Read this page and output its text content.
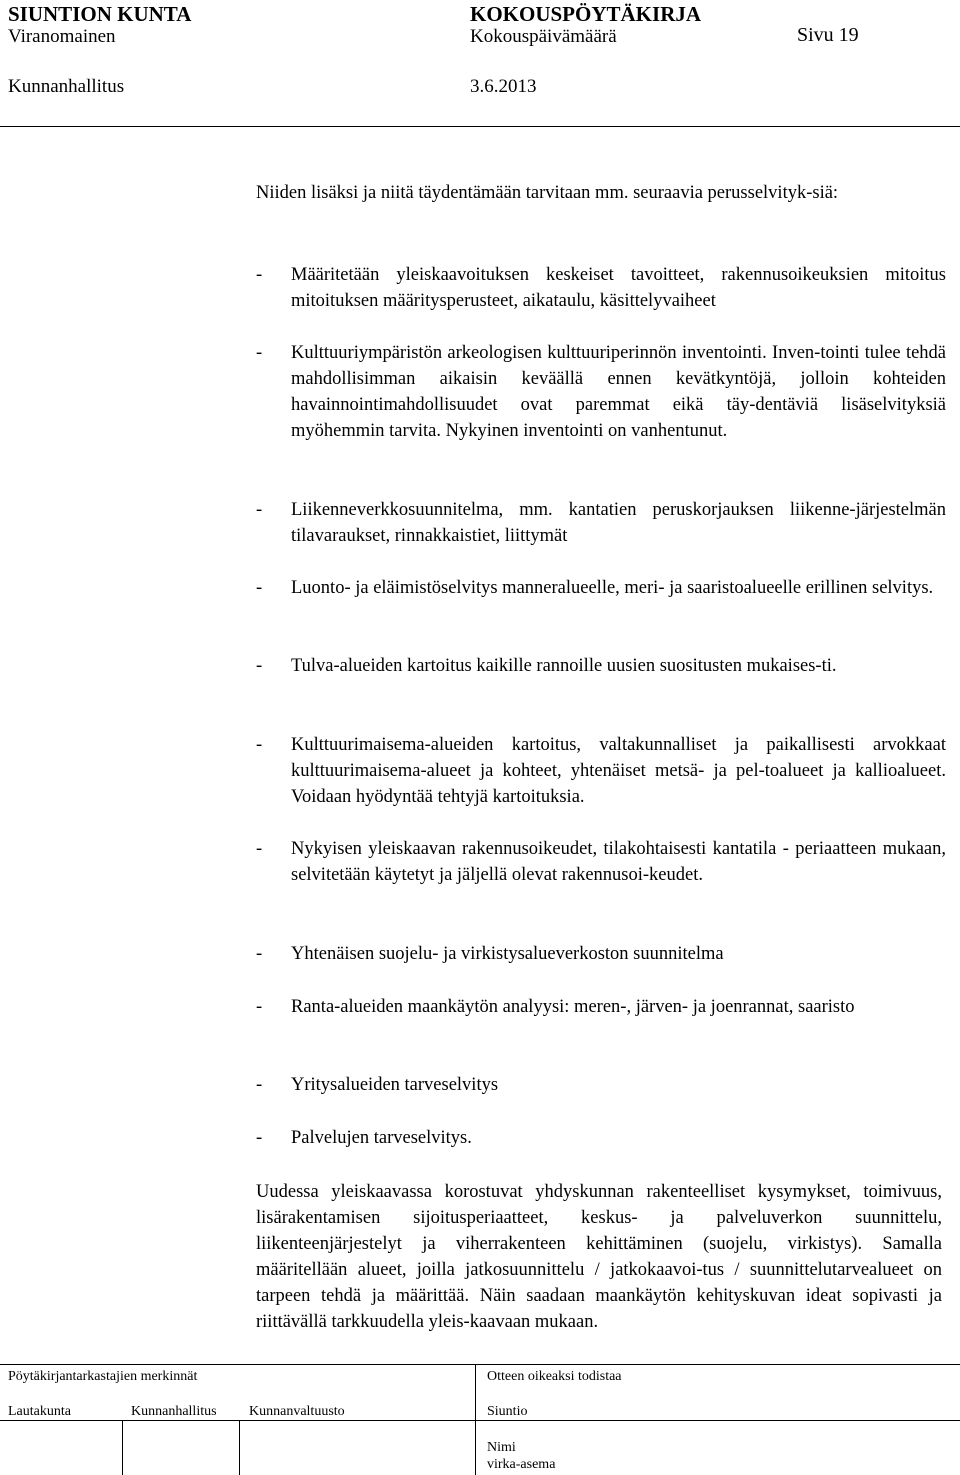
SIUNTION KUNTA	KOKOUSPÖYTÄKIRJA
Viranomainen	Kokouspäivämäärä	Sivu 19
Kunnanhallitus	3.6.2013
Niiden lisäksi ja niitä täydentämään tarvitaan mm. seuraavia perusselvityk-siä:
- Määritetään yleiskaavoituksen keskeiset tavoitteet, rakennusoikeuksien mitoitus mitoituksen määritysperusteet, aikataulu, käsittelyvaiheet
- Kulttuuriympäristön arkeologisen kulttuuriperinnön inventointi. Inven-tointi tulee tehdä mahdollisimman aikaisin keväällä ennen kevätkyntöjä, jolloin kohteiden havainnointimahdollisuudet ovat paremmat eikä täy-dentäviä lisäselvityksiä myöhemmin tarvita. Nykyinen inventointi on vanhentunut.
- Liikenneverkkosuunnitelma, mm. kantatien peruskorjauksen liikenne-järjestelmän tilavaraukset, rinnakkaistiet, liittymät
- Luonto- ja eläimistöselvitys manneralueelle, meri- ja saaristoalueelle erillinen selvitys.
- Tulva-alueiden kartoitus kaikille rannoille uusien suositusten mukaises-ti.
- Kulttuurimaisema-alueiden kartoitus, valtakunnalliset ja paikallisesti arvokkaat kulttuurimaisema-alueet ja kohteet, yhtenäiset metsä- ja pel-toalueet ja kallioalueet. Voidaan hyödyntää tehtyjä kartoituksia.
- Nykyisen yleiskaavan rakennusoikeudet, tilakohtaisesti kantatila - periaatteen mukaan, selvitetään käytetyt ja jäljellä olevat rakennusoi-keudet.
- Yhtenäisen suojelu- ja virkistysalueverkoston suunnitelma
- Ranta-alueiden maankäytön analyysi: meren-, järven- ja joenrannat, saaristo
- Yritysalueiden tarveselvitys
- Palvelujen tarveselvitys.
Uudessa yleiskaavassa korostuvat yhdyskunnan rakenteelliset kysymykset, toimivuus, lisärakentamisen sijoitusperiaatteet, keskus- ja palveluverkon suunnittelu, liikenteenjärjestelyt ja viherrakenteen kehittäminen (suojelu, virkistys). Samalla määritellään alueet, joilla jatkosuunnittelu / jatkokaavoi-tus / suunnittelutarvealueet on tarpeen tehdä ja määrittää. Näin saadaan maankäytön kehityskuvan ideat sopivasti ja riittävällä tarkkuudella yleis-kaavaan mukaan.
Pöytäkirjantarkastajien merkinnät	Otteen oikeaksi todistaa
Lautakunta	Kunnanhallitus Kunnanvaltuusto	Siuntio
Nimi
virka-asema
